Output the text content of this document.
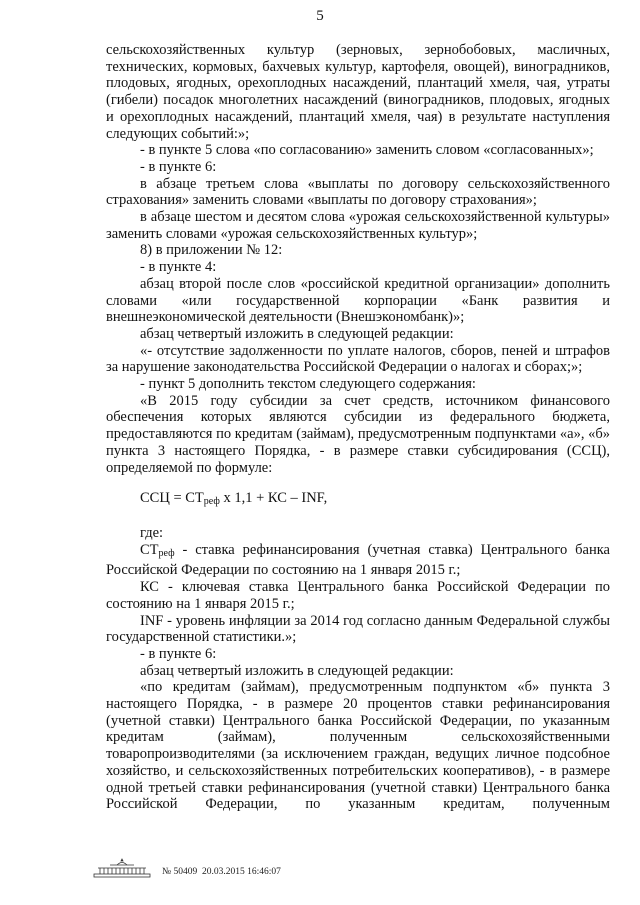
5

сельскохозяйственных культур (зерновых, зернобобовых, масличных, технических, кормовых, бахчевых культур, картофеля, овощей), виноградников, плодовых, ягодных, орехоплодных насаждений, плантаций хмеля, чая, утраты (гибели) посадок многолетних насаждений (виноградников, плодовых, ягодных и орехоплодных насаждений, плантаций хмеля, чая) в результате наступления следующих событий:»;

- в пункте 5 слова «по согласованию» заменить словом «согласованных»;

- в пункте 6:

в абзаце третьем слова «выплаты по договору сельскохозяйственного страхования» заменить словами «выплаты по договору страхования»;

в абзаце шестом и десятом слова «урожая сельскохозяйственной культуры» заменить словами «урожая сельскохозяйственных культур»;

8) в приложении № 12:

- в пункте 4:

абзац второй после слов «российской кредитной организации» дополнить словами «или государственной корпорации «Банк развития и внешнеэкономической деятельности (Внешэкономбанк)»;

абзац четвертый изложить в следующей редакции:

«- отсутствие задолженности по уплате налогов, сборов, пеней и штрафов за нарушение законодательства Российской Федерации о налогах и сборах;»;

- пункт 5 дополнить текстом следующего содержания:

«В 2015 году субсидии за счет средств, источником финансового обеспечения которых являются субсидии из федерального бюджета, предоставляются по кредитам (займам), предусмотренным подпунктами «а», «б» пункта 3 настоящего Порядка, - в размере ставки субсидирования (ССЦ), определяемой по формуле:

ССЦ = $СТ_{реф}$ х 1,1 + КС – INF,

где:

$СТ_{реф}$ - ставка рефинансирования (учетная ставка) Центрального банка Российской Федерации по состоянию на 1 января 2015 г.;

КС - ключевая ставка Центрального банка Российской Федерации по состоянию на 1 января 2015 г.;

INF - уровень инфляции за 2014 год согласно данным Федеральной службы государственной статистики.»;

- в пункте 6:

абзац четвертый изложить в следующей редакции:

«по кредитам (займам), предусмотренным подпунктом «б» пункта 3 настоящего Порядка, - в размере 20 процентов ставки рефинансирования (учетной ставки) Центрального банка Российской Федерации, по указанным кредитам (займам), полученным сельскохозяйственными товаропроизводителями (за исключением граждан, ведущих личное подсобное хозяйство, и сельскохозяйственных потребительских кооперативов), - в размере одной третьей ставки рефинансирования (учетной ставки) Центрального банка Российской Федерации, по указанным кредитам, полученным

№ 50409 20.03.2015 16:46:07
